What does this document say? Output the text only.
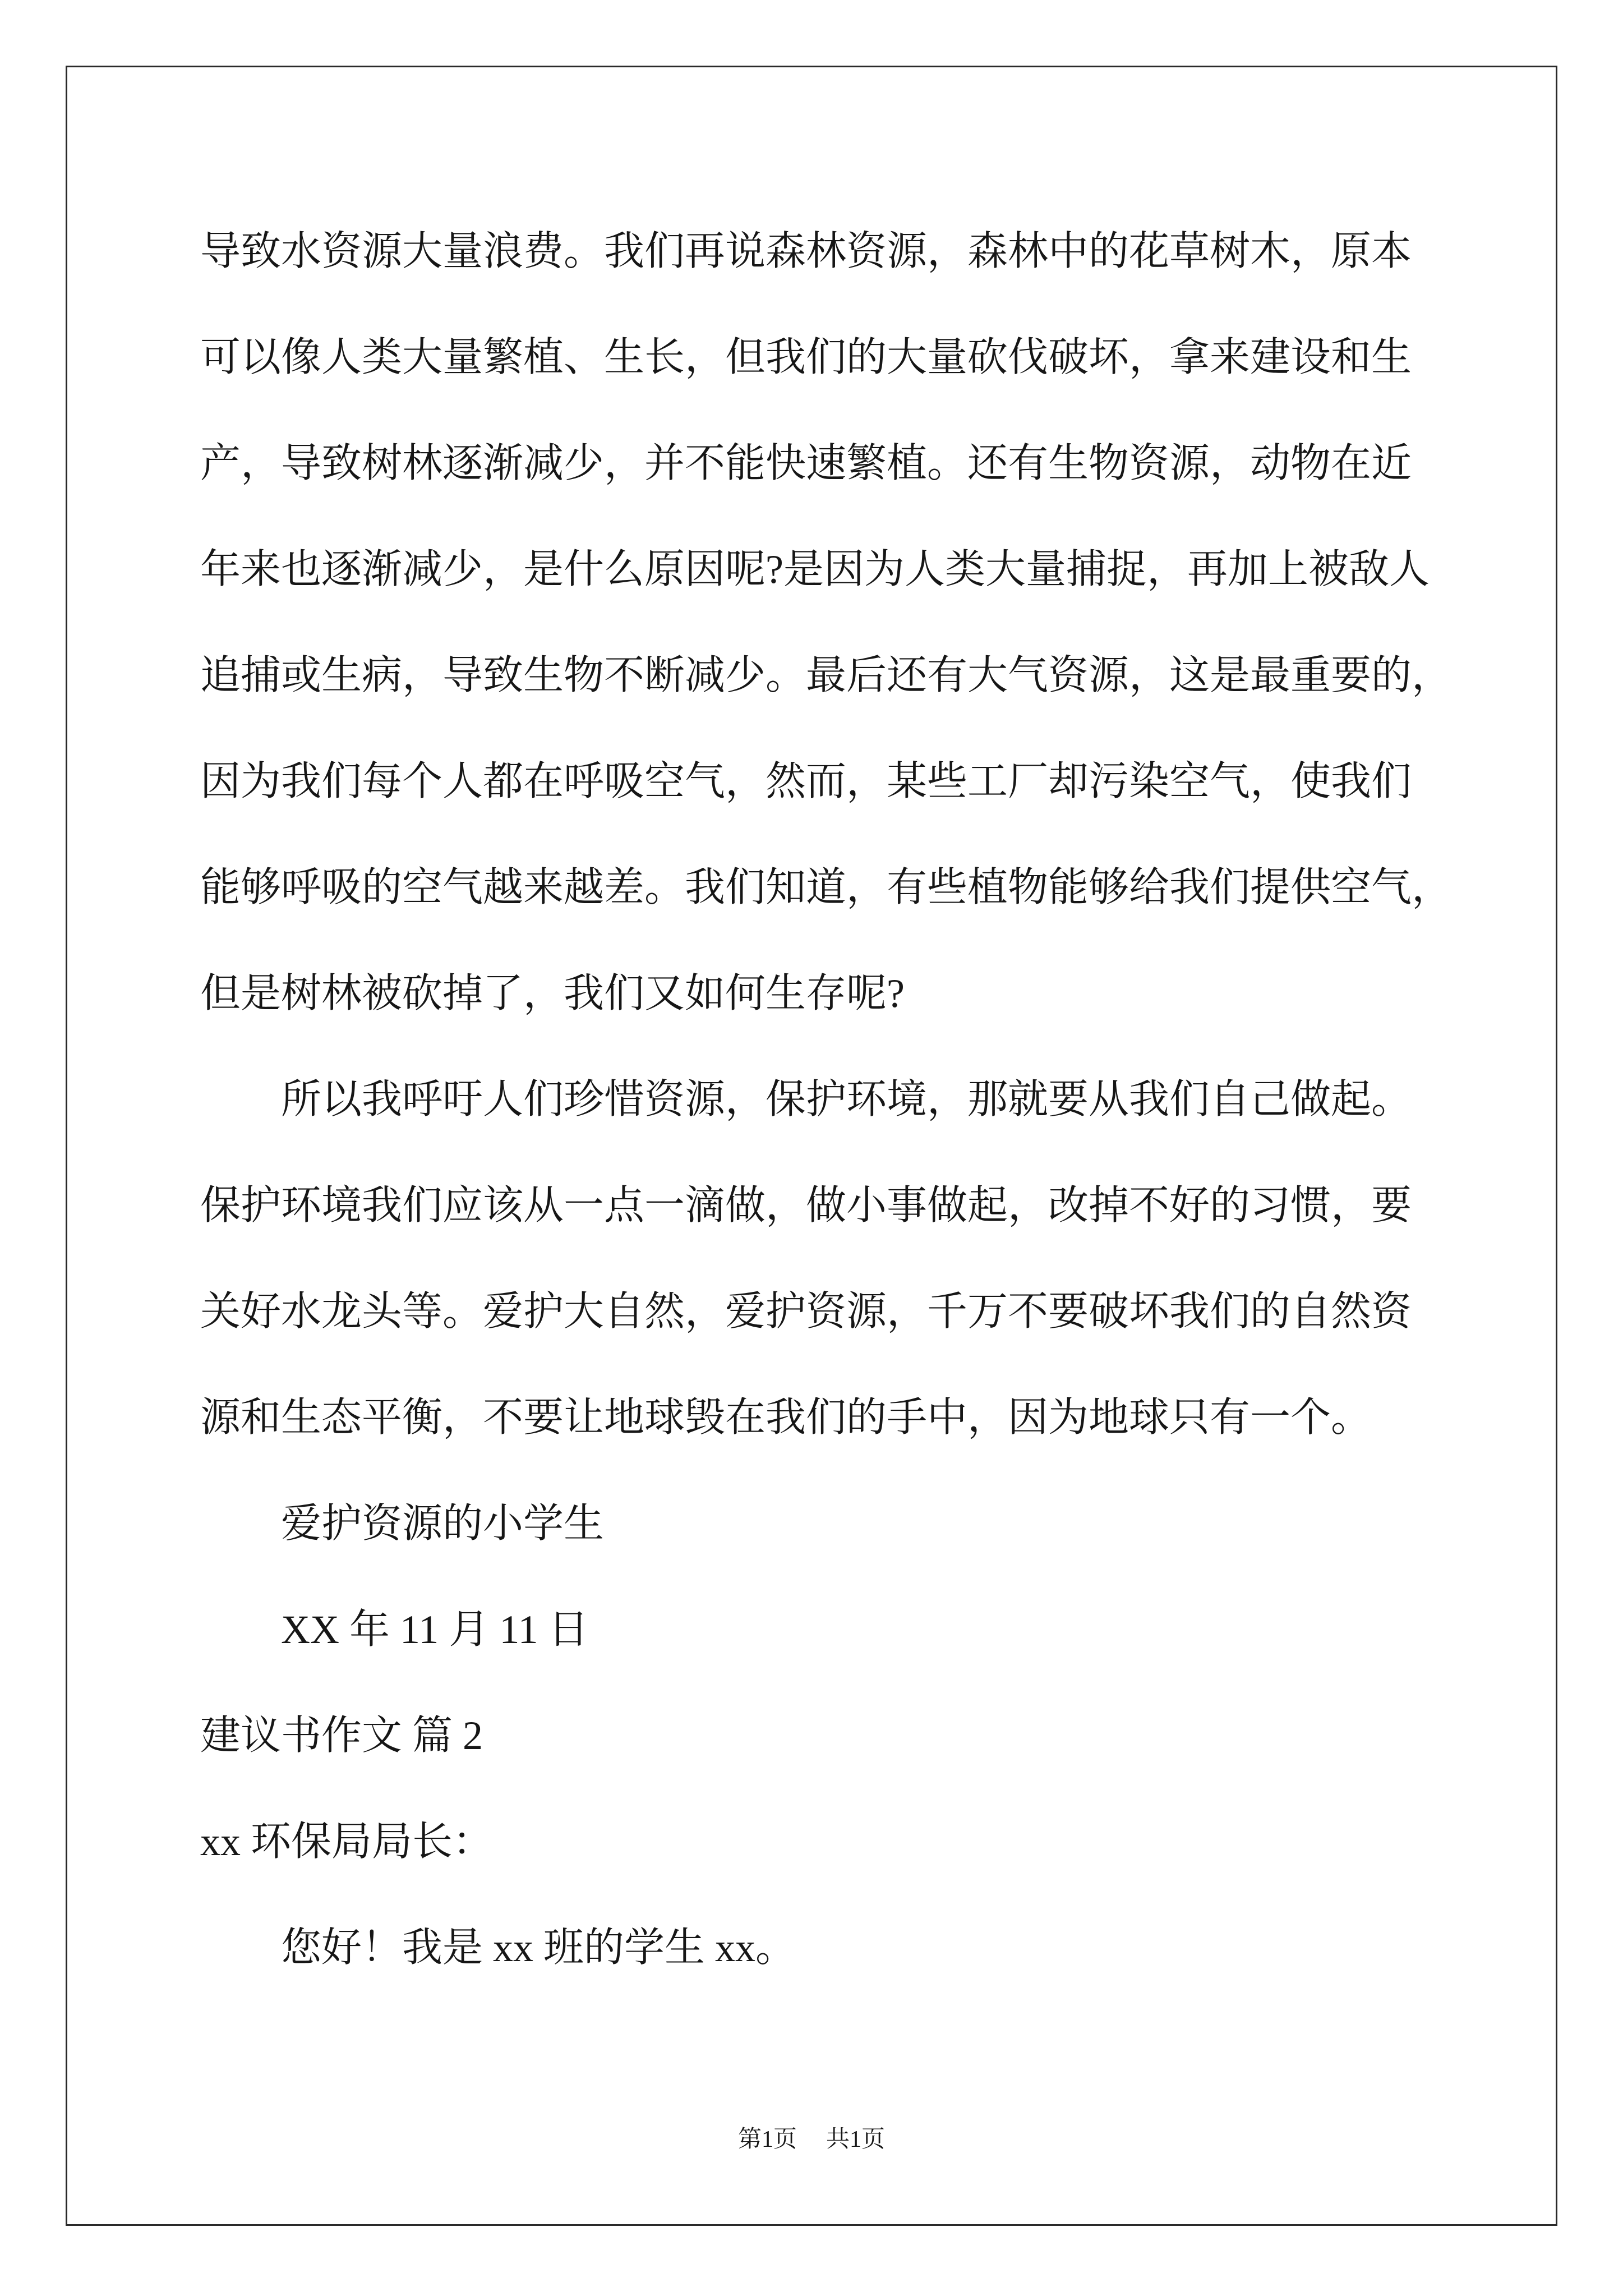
导致水资源大量浪费。我们再说森林资源，森林中的花草树木，原本
可以像人类大量繁植、生长，但我们的大量砍伐破坏，拿来建设和生
产，导致树林逐渐减少，并不能快速繁植。还有生物资源，动物在近
年来也逐渐减少，是什么原因呢?是因为人类大量捕捉，再加上被敌人
追捕或生病，导致生物不断减少。最后还有大气资源，这是最重要的，
因为我们每个人都在呼吸空气，然而，某些工厂却污染空气，使我们
能够呼吸的空气越来越差。我们知道，有些植物能够给我们提供空气，
但是树林被砍掉了，我们又如何生存呢?
所以我呼吁人们珍惜资源，保护环境，那就要从我们自己做起。
保护环境我们应该从一点一滴做，做小事做起，改掉不好的习惯，要
关好水龙头等。爱护大自然，爱护资源，千万不要破坏我们的自然资
源和生态平衡，不要让地球毁在我们的手中，因为地球只有一个。
爱护资源的小学生
XX 年 11 月 11 日
建议书作文 篇 2
xx 环保局局长：
您好！我是 xx 班的学生 xx。
第1页 共1页
